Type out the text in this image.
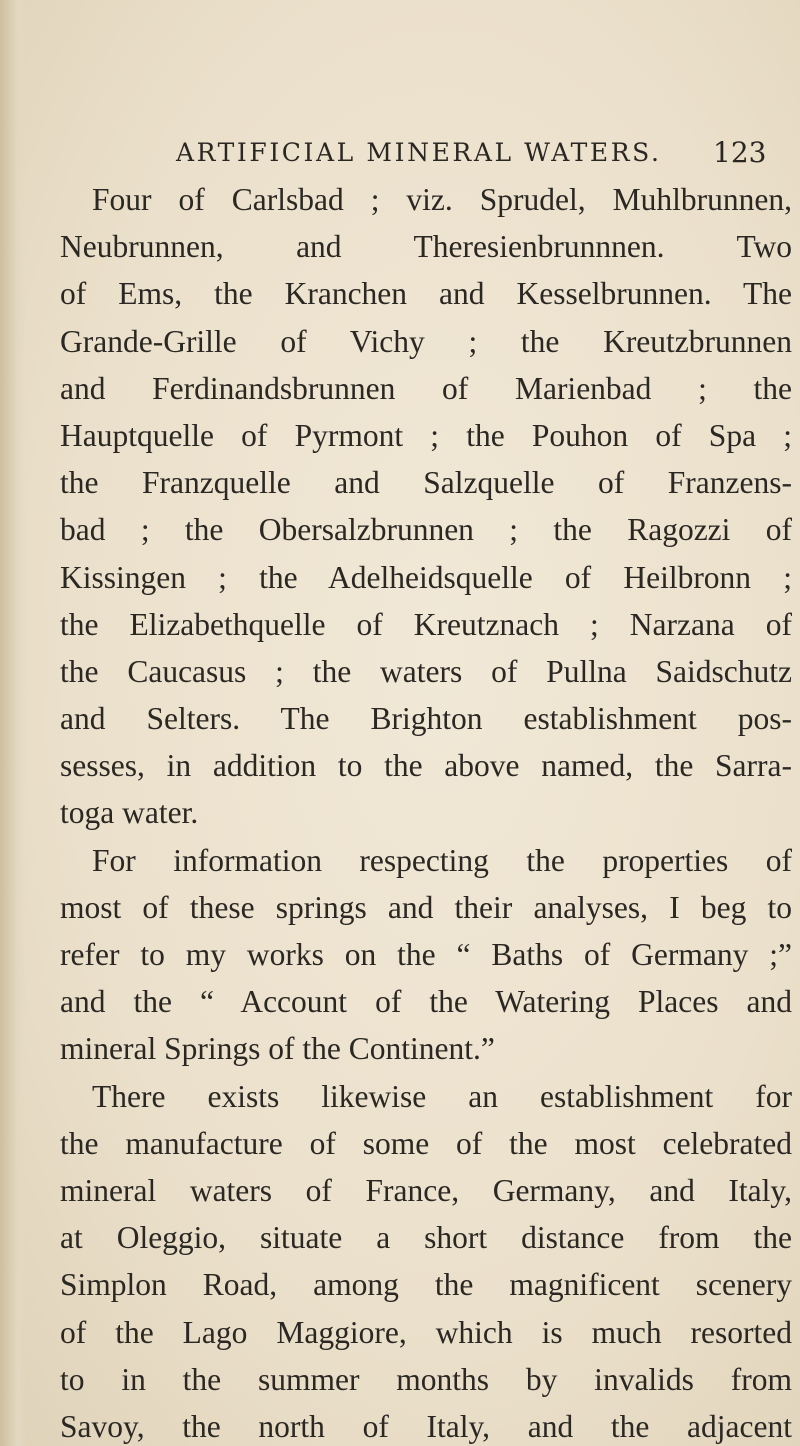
ARTIFICIAL MINERAL WATERS. 123
Four of Carlsbad ; viz. Sprudel, Muhlbrunnen,
Neubrunnen, and Theresienbrunnnen. Two
of Ems, the Kranchen and Kesselbrunnen. The
Grande-Grille of Vichy ; the Kreutzbrunnen
and Ferdinandsbrunnen of Marienbad ; the
Hauptquelle of Pyrmont ; the Pouhon of Spa ;
the Franzquelle and Salzquelle of Franzens-
bad ; the Obersalzbrunnen ; the Ragozzi of
Kissingen ; the Adelheidsquelle of Heilbronn ;
the Elizabethquelle of Kreutznach ; Narzana of
the Caucasus ; the waters of Pullna Saidschutz
and Selters. The Brighton establishment pos-
sesses, in addition to the above named, the Sarra-
toga water.
For information respecting the properties of
most of these springs and their analyses, I beg to
refer to my works on the “ Baths of Germany ;”
and the “ Account of the Watering Places and
mineral Springs of the Continent.”
There exists likewise an establishment for
the manufacture of some of the most celebrated
mineral waters of France, Germany, and Italy,
at Oleggio, situate a short distance from the
Simplon Road, among the magnificent scenery
of the Lago Maggiore, which is much resorted
to in the summer months by invalids from
Savoy, the north of Italy, and the adjacent
